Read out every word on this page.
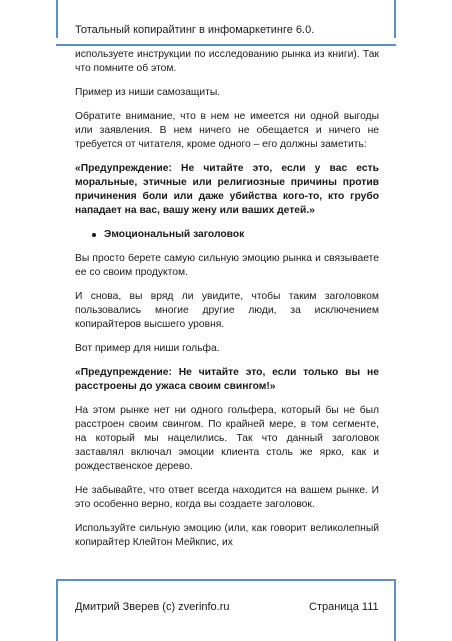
Тотальный копирайтинг в инфомаркетинге 6.0.

используете инструкции по исследованию рынка из книги). Так что помните об этом.

Пример из ниши самозащиты.

Обратите внимание, что в нем не имеется ни одной выгоды или заявления. В нем ничего не обещается и ничего не требуется от читателя, кроме одного – его должны заметить:

«Предупреждение: Не читайте это, если у вас есть моральные, этичные или религиозные причины против причинения боли или даже убийства кого-то, кто грубо нападает на вас, вашу жену или ваших детей.»

Эмоциональный заголовок

Вы просто берете самую сильную эмоцию рынка и связываете ее со своим продуктом.

И снова, вы вряд ли увидите, чтобы таким заголовком пользовались многие другие люди, за исключением копирайтеров высшего уровня.

Вот пример для ниши гольфа.

«Предупреждение: Не читайте это, если только вы не расстроены до ужаса своим свингом!»

На этом рынке нет ни одного гольфера, который бы не был расстроен своим свингом. По крайней мере, в том сегменте, на который мы нацелились. Так что данный заголовок заставлял включал эмоции клиента столь же ярко, как и рождественское дерево.

Не забывайте, что ответ всегда находится на вашем рынке. И это особенно верно, когда вы создаете заголовок.

Используйте сильную эмоцию (или, как говорит великолепный копирайтер Клейтон Мейкпис, их

Дмитрий Зверев (с) zverinfo.ru	Страница 111
